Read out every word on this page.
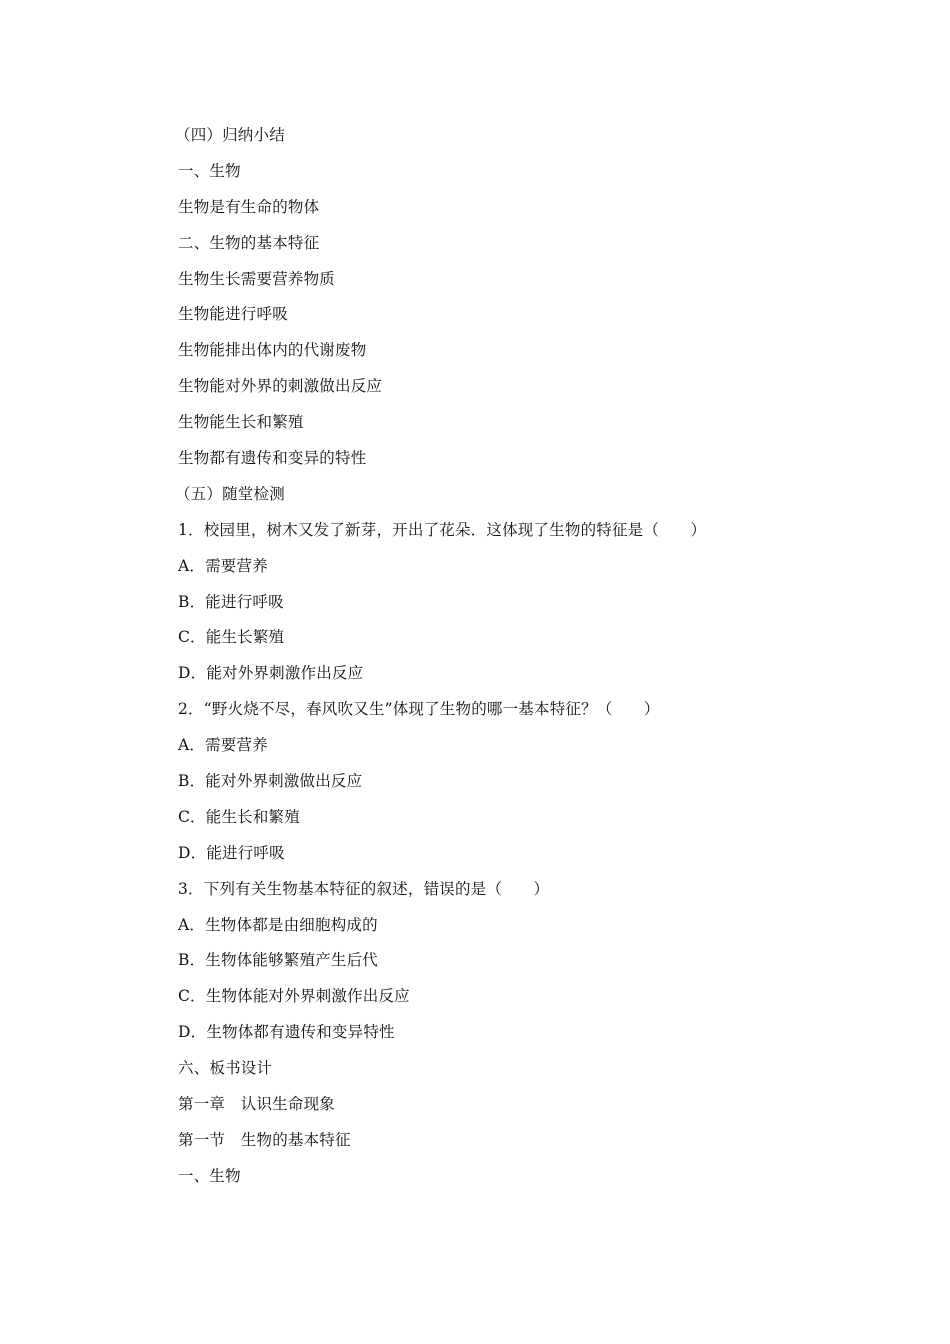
（四）归纳小结
一、生物
生物是有生命的物体
二、生物的基本特征
生物生长需要营养物质
生物能进行呼吸
生物能排出体内的代谢废物
生物能对外界的刺激做出反应
生物能生长和繁殖
生物都有遗传和变异的特性
（五）随堂检测
1．校园里，树木又发了新芽，开出了花朵．这体现了生物的特征是（　　）
A．需要营养
B．能进行呼吸
C．能生长繁殖
D．能对外界刺激作出反应
2．“野火烧不尽，春风吹又生”体现了生物的哪一基本特征？（　　）
A．需要营养
B．能对外界刺激做出反应
C．能生长和繁殖
D．能进行呼吸
3．下列有关生物基本特征的叙述，错误的是（　　）
A．生物体都是由细胞构成的
B．生物体能够繁殖产生后代
C．生物体能对外界刺激作出反应
D．生物体都有遗传和变异特性
六、板书设计
第一章　认识生命现象
第一节　生物的基本特征
一、生物
